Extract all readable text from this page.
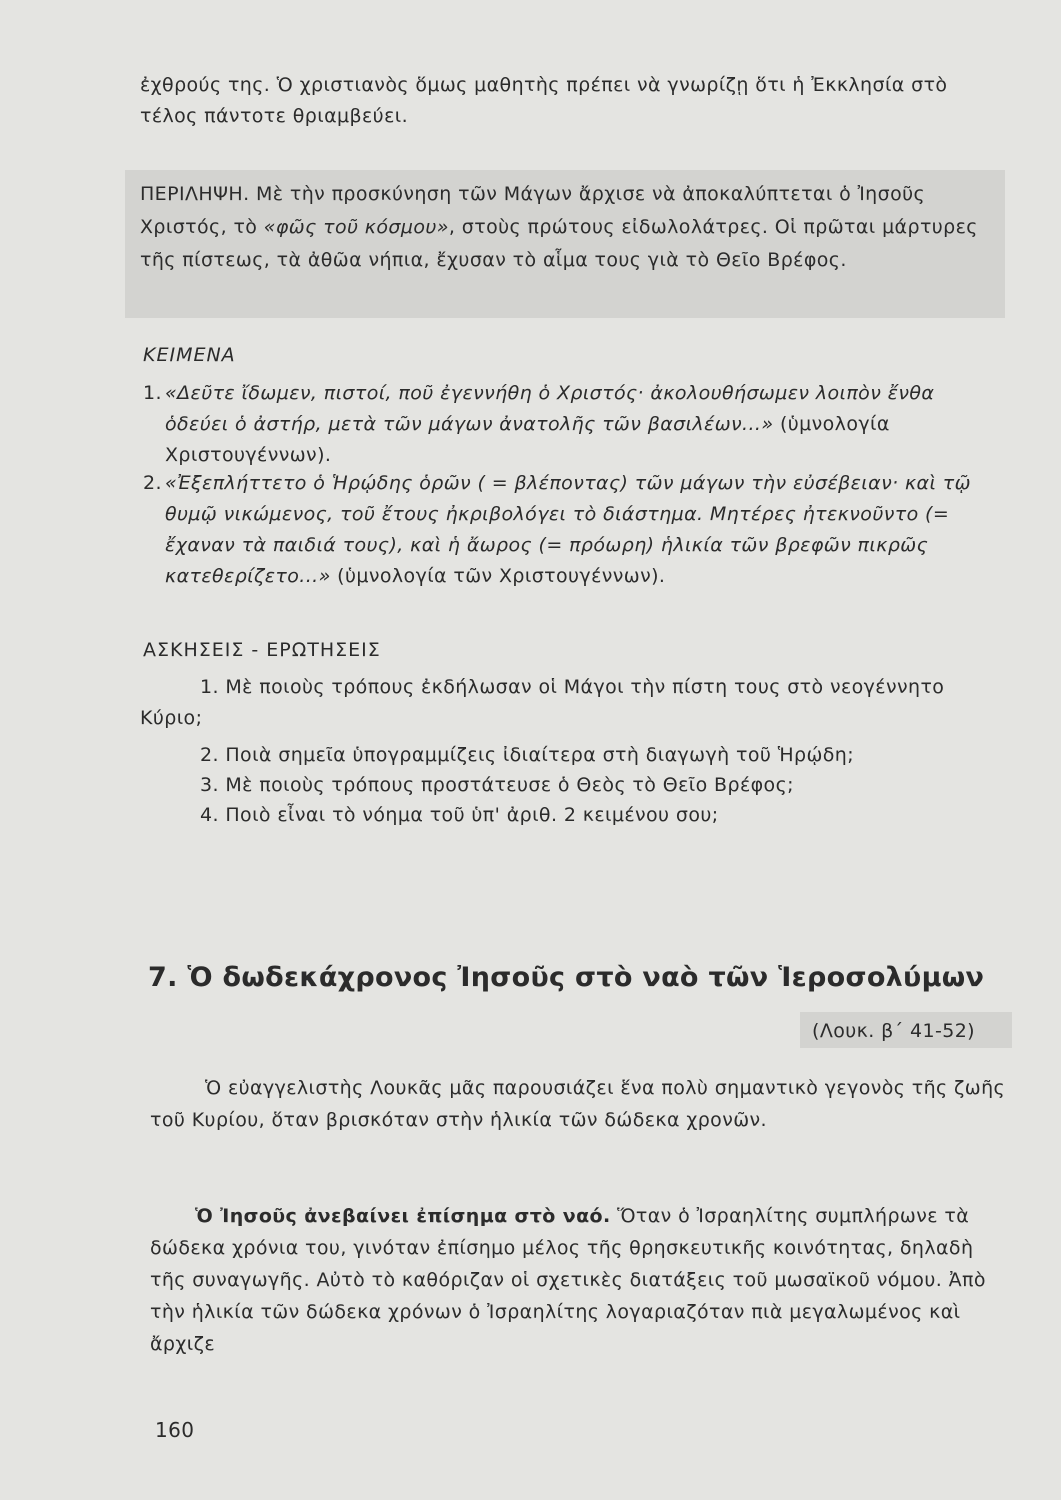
ἐχθρούς της. Ὁ χριστιανὸς ὅμως μαθητὴς πρέπει νὰ γνωρίζῃ ὅτι ἡ Ἐκκλησία στὸ τέλος πάντοτε θριαμβεύει.
ΠΕΡΙΛΗΨΗ. Μὲ τὴν προσκύνηση τῶν Μάγων ἄρχισε νὰ ἀποκαλύπτεται ὁ Ἰησοῦς Χριστός, τὸ «φῶς τοῦ κόσμου», στοὺς πρώτους εἰδωλολάτρες. Οἱ πρῶται μάρτυρες τῆς πίστεως, τὰ ἀθῶα νήπια, ἔχυσαν τὸ αἷμα τους γιὰ τὸ Θεῖο Βρέφος.
ΚΕΙΜΕΝΑ
1. «Δεῦτε ἴδωμεν, πιστοί, ποῦ ἐγεννήθη ὁ Χριστός· ἀκολουθήσωμεν λοιπὸν ἔνθα ὁδεύει ὁ ἀστήρ, μετὰ τῶν μάγων ἀνατολῆς τῶν βασιλέων...» (ὑμνολογία Χριστουγέννων).
2. «Ἐξεπλήττετο ὁ Ἡρῴδης ὁρῶν ( = βλέποντας) τῶν μάγων τὴν εὐσέβειαν· καὶ τῷ θυμῷ νικώμενος, τοῦ ἔτους ἠκριβολόγει τὸ διάστημα. Μητέρες ἠτεκνοῦντο (= ἔχαναν τὰ παιδιά τους), καὶ ἡ ἄωρος (= πρόωρη) ἡλικία τῶν βρεφῶν πικρῶς κατεθερίζετο...» (ὑμνολογία τῶν Χριστουγέννων).
ΑΣΚΗΣΕΙΣ - ΕΡΩΤΗΣΕΙΣ
1. Μὲ ποιοὺς τρόπους ἐκδήλωσαν οἱ Μάγοι τὴν πίστη τους στὸ νεογέννητο Κύριο;
2. Ποιὰ σημεῖα ὑπογραμμίζεις ἰδιαίτερα στὴ διαγωγὴ τοῦ Ἡρῴδη;
3. Μὲ ποιοὺς τρόπους προστάτευσε ὁ Θεὸς τὸ Θεῖο Βρέφος;
4. Ποιὸ εἶναι τὸ νόημα τοῦ ὑπ' ἀριθ. 2 κειμένου σου;
7. Ὁ δωδεκάχρονος Ἰησοῦς στὸ ναὸ τῶν Ἱεροσολύμων
(Λουκ. β΄ 41-52)
Ὁ εὐαγγελιστὴς Λουκᾶς μᾶς παρουσιάζει ἕνα πολὺ σημαντικὸ γεγονὸς τῆς ζωῆς τοῦ Κυρίου, ὅταν βρισκόταν στὴν ἡλικία τῶν δώδεκα χρονῶν.
Ὁ Ἰησοῦς ἀνεβαίνει ἐπίσημα στὸ ναό. Ὅταν ὁ Ἰσραηλίτης συμπλήρωνε τὰ δώδεκα χρόνια του, γινόταν ἐπίσημο μέλος τῆς θρησκευτικῆς κοινότητας, δηλαδὴ τῆς συναγωγῆς. Αὐτὸ τὸ καθόριζαν οἱ σχετικὲς διατάξεις τοῦ μωσαϊκοῦ νόμου. Ἀπὸ τὴν ἡλικία τῶν δώδεκα χρόνων ὁ Ἰσραηλίτης λογαριαζόταν πιὰ μεγαλωμένος καὶ ἄρχιζε
160
